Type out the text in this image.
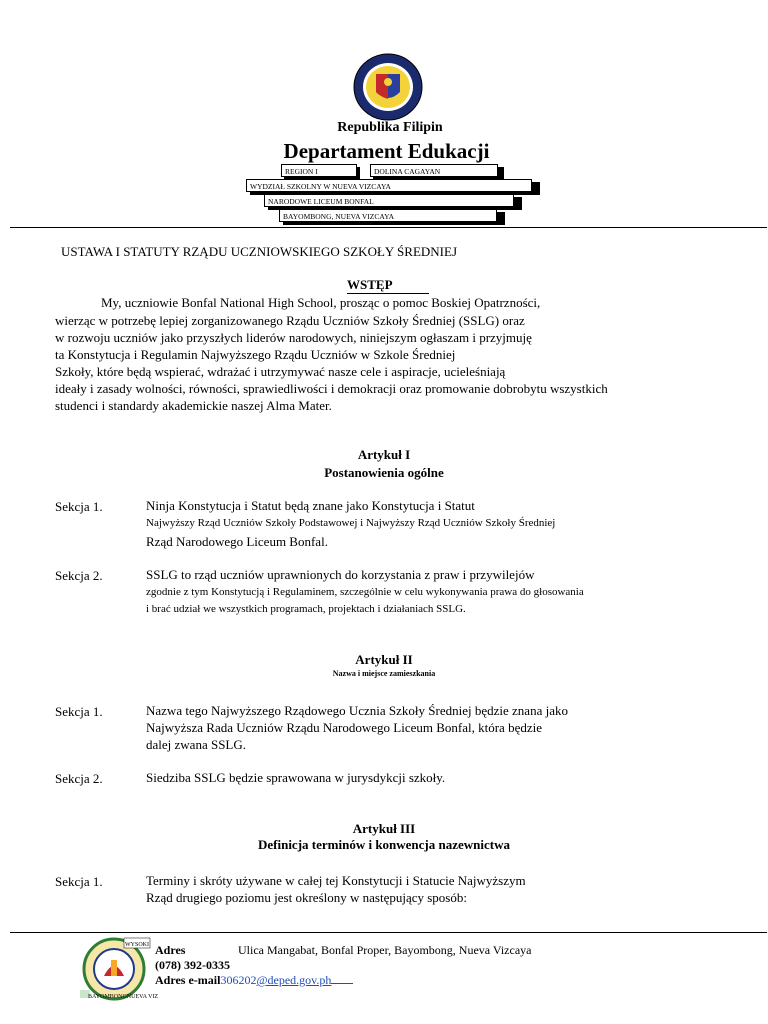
Republika Filipin
Departament Edukacji
REGION I	DOLINA CAGAYAN
WYDZIAŁ SZKOLNY W NUEVA VIZCAYA
NARODOWE LICEUM BONFAL
BAYOMBONG, NUEVA VIZCAYA
USTAWA I STATUTY RZĄDU UCZNIOWSKIEGO SZKOŁY ŚREDNIEJ
WSTĘP
My, uczniowie Bonfal National High School, prosząc o pomoc Boskiej Opatrzności,
wierząc w potrzebę lepiej zorganizowanego Rządu Uczniów Szkoły Średniej (SSLG) oraz
w rozwoju uczniów jako przyszłych liderów narodowych, niniejszym ogłaszam i przyjmuję
ta Konstytucja i Regulamin Najwyższego Rządu Uczniów w Szkole Średniej
Szkoły, które będą wspierać, wdrażać i utrzymywać nasze cele i aspiracje, ucieleśniają
ideały i zasady wolności, równości, sprawiedliwości i demokracji oraz promowanie dobrobytu wszystkich
studenci i standardy akademickie naszej Alma Mater.
Artykuł I
Postanowienia ogólne
Sekcja 1.	Ninja Konstytucja i Statut będą znane jako Konstytucja i Statut
Najwyższy Rząd Uczniów Szkoły Podstawowej i Najwyższy Rząd Uczniów Szkoły Średniej
Rząd Narodowego Liceum Bonfal.
Sekcja 2.	SSLG to rząd uczniów uprawnionych do korzystania z praw i przywilejów
zgodnie z tym Konstytucją i Regulaminem, szczególnie w celu wykonywania prawa do głosowania
i brać udział we wszystkich programach, projektach i działaniach SSLG.
Artykuł II
Nazwa i miejsce zamieszkania
Sekcja 1.	Nazwa tego Najwyższego Rządowego Ucznia Szkoły Średniej będzie znana jako
Najwyższa Rada Uczniów Rządu Narodowego Liceum Bonfal, która będzie
dalej zwana SSLG.
Sekcja 2.	Siedziba SSLG będzie sprawowana w jurysdykcji szkoły.
Artykuł III
Definicja terminów i konwencja nazewnictwa
Sekcja 1.	Terminy i skróty używane w całej tej Konstytucji i Statucie Najwyższym
Rząd drugiego poziomu jest określony w następujący sposób:
WYSOKI
BAYOMBONGNUEVA VIZ
Adres	Ulica Mangabat, Bonfal Proper, Bayombong, Nueva Vizcaya
(078) 392-0335
Adres e-mail306202@deped.gov.ph
